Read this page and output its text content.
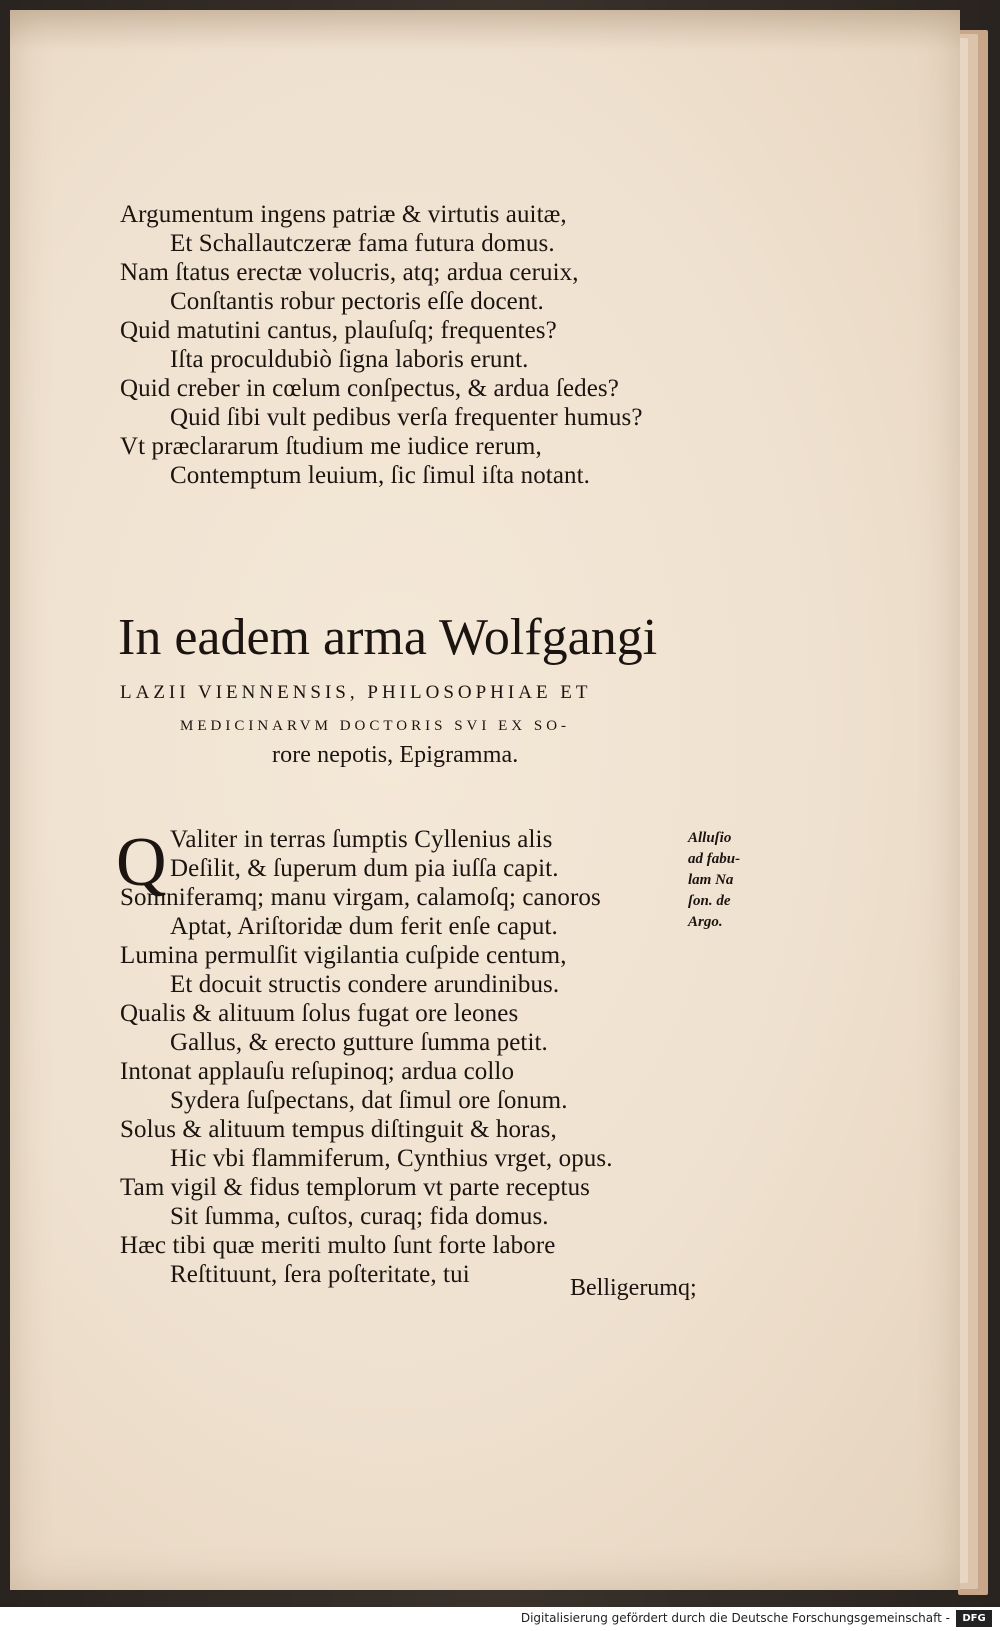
Argumentum ingens patriæ & virtutis auitæ,
Et Schallautczeræ fama futura domus.
Nam ſtatus erectæ volucris, atq; ardua ceruix,
Conſtantis robur pectoris eſſe docent.
Quid matutini cantus, plauſuſq; frequentes?
Iſta proculdubiò ſigna laboris erunt.
Quid creber in cœlum conſpectus, & ardua ſedes?
Quid ſibi vult pedibus verſa frequenter humus?
Vt præclararum ſtudium me iudice rerum,
Contemptum leuium, ſic ſimul iſta notant.
In eadem arma Wolfgangi
LAZII VIENNENSIS, PHILOSOPHIAE ET
MEDICINARVM DOCTORIS SVI EX SO-
rore nepotis, Epigramma.
Q Valiter in terras ſumptis Cyllenius alis
Deſilit, & ſuperum dum pia iuſſa capit.
Somniferamq; manu virgam, calamoſq; canoros
Aptat, Ariſtoridæ dum ferit enſe caput.
Lumina permulſit vigilantia cuſpide centum,
Et docuit structis condere arundinibus.
Qualis & alituum ſolus fugat ore leones
Gallus, & erecto gutture ſumma petit.
Intonat applauſu reſupinoq; ardua collo
Sydera ſuſpectans, dat ſimul ore ſonum.
Solus & alituum tempus diſtinguit & horas,
Hic vbi flammiferum, Cynthius vrget, opus.
Tam vigil & fidus templorum vt parte receptus
Sit ſumma, cuſtos, curaq; fida domus.
Hæc tibi quæ meriti multo ſunt forte labore
Reſtituunt, ſera poſteritate, tui
Alluſio
ad fabu-
lam Na
ſon. de
Argo.
Belligerumq;
Digitalisierung gefördert durch die Deutsche Forschungsgemeinschaft -	DFG
